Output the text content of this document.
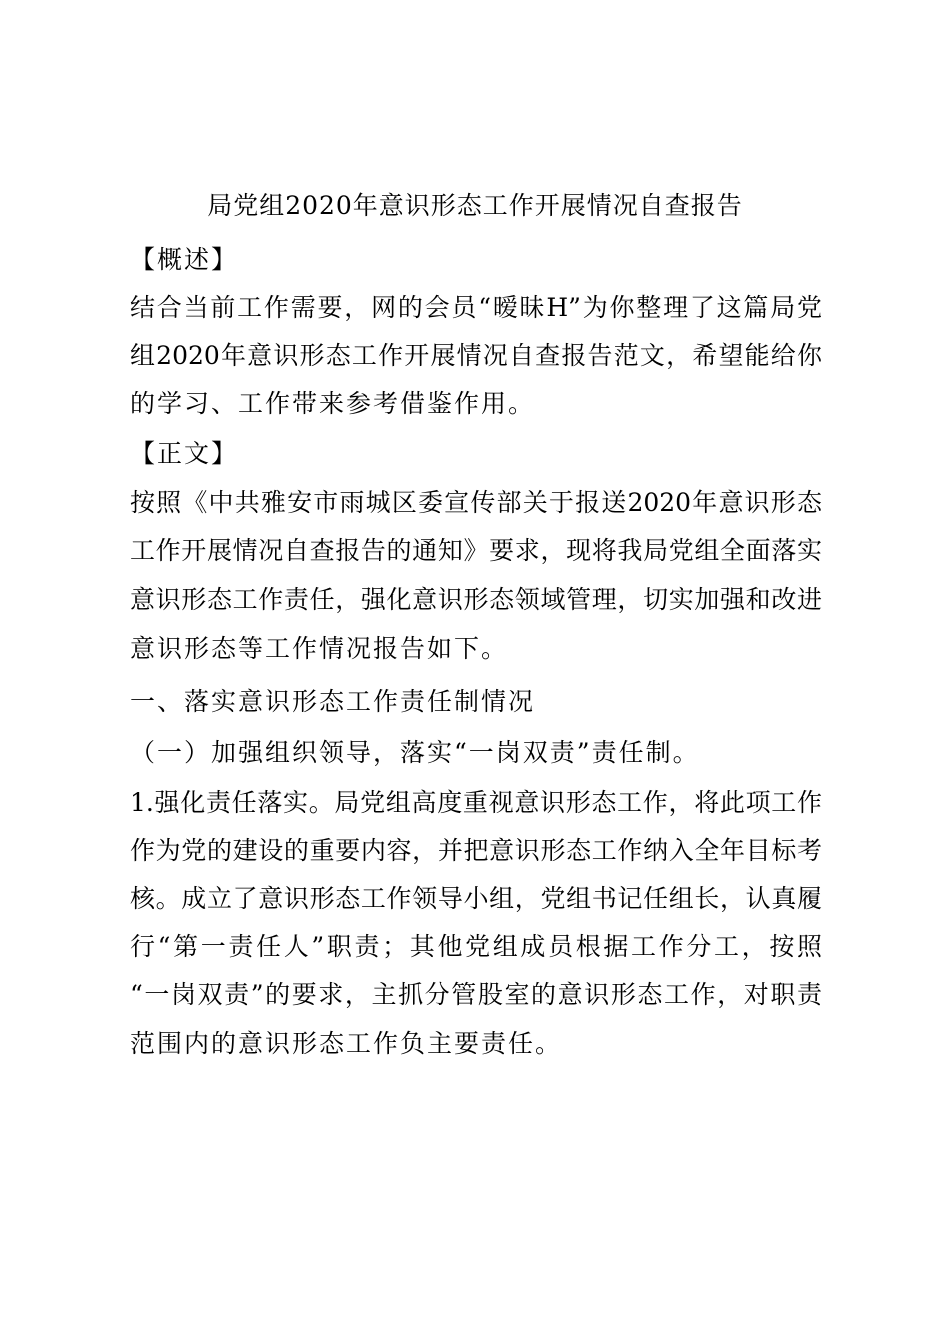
局党组2020年意识形态工作开展情况自查报告
【概述】
结合当前工作需要，网的会员“暧昧H”为你整理了这篇局党
组2020年意识形态工作开展情况自查报告范文，希望能给你
的学习、工作带来参考借鉴作用。
【正文】
按照《中共雅安市雨城区委宣传部关于报送2020年意识形态
工作开展情况自查报告的通知》要求，现将我局党组全面落实
意识形态工作责任，强化意识形态领域管理，切实加强和改进
意识形态等工作情况报告如下。
一、落实意识形态工作责任制情况
（一）加强组织领导，落实“一岗双责”责任制。
1.强化责任落实。局党组高度重视意识形态工作，将此项工作
作为党的建设的重要内容，并把意识形态工作纳入全年目标考
核。成立了意识形态工作领导小组，党组书记任组长，认真履
行“第一责任人”职责；其他党组成员根据工作分工，按照
“一岗双责”的要求，主抓分管股室的意识形态工作，对职责
范围内的意识形态工作负主要责任。
